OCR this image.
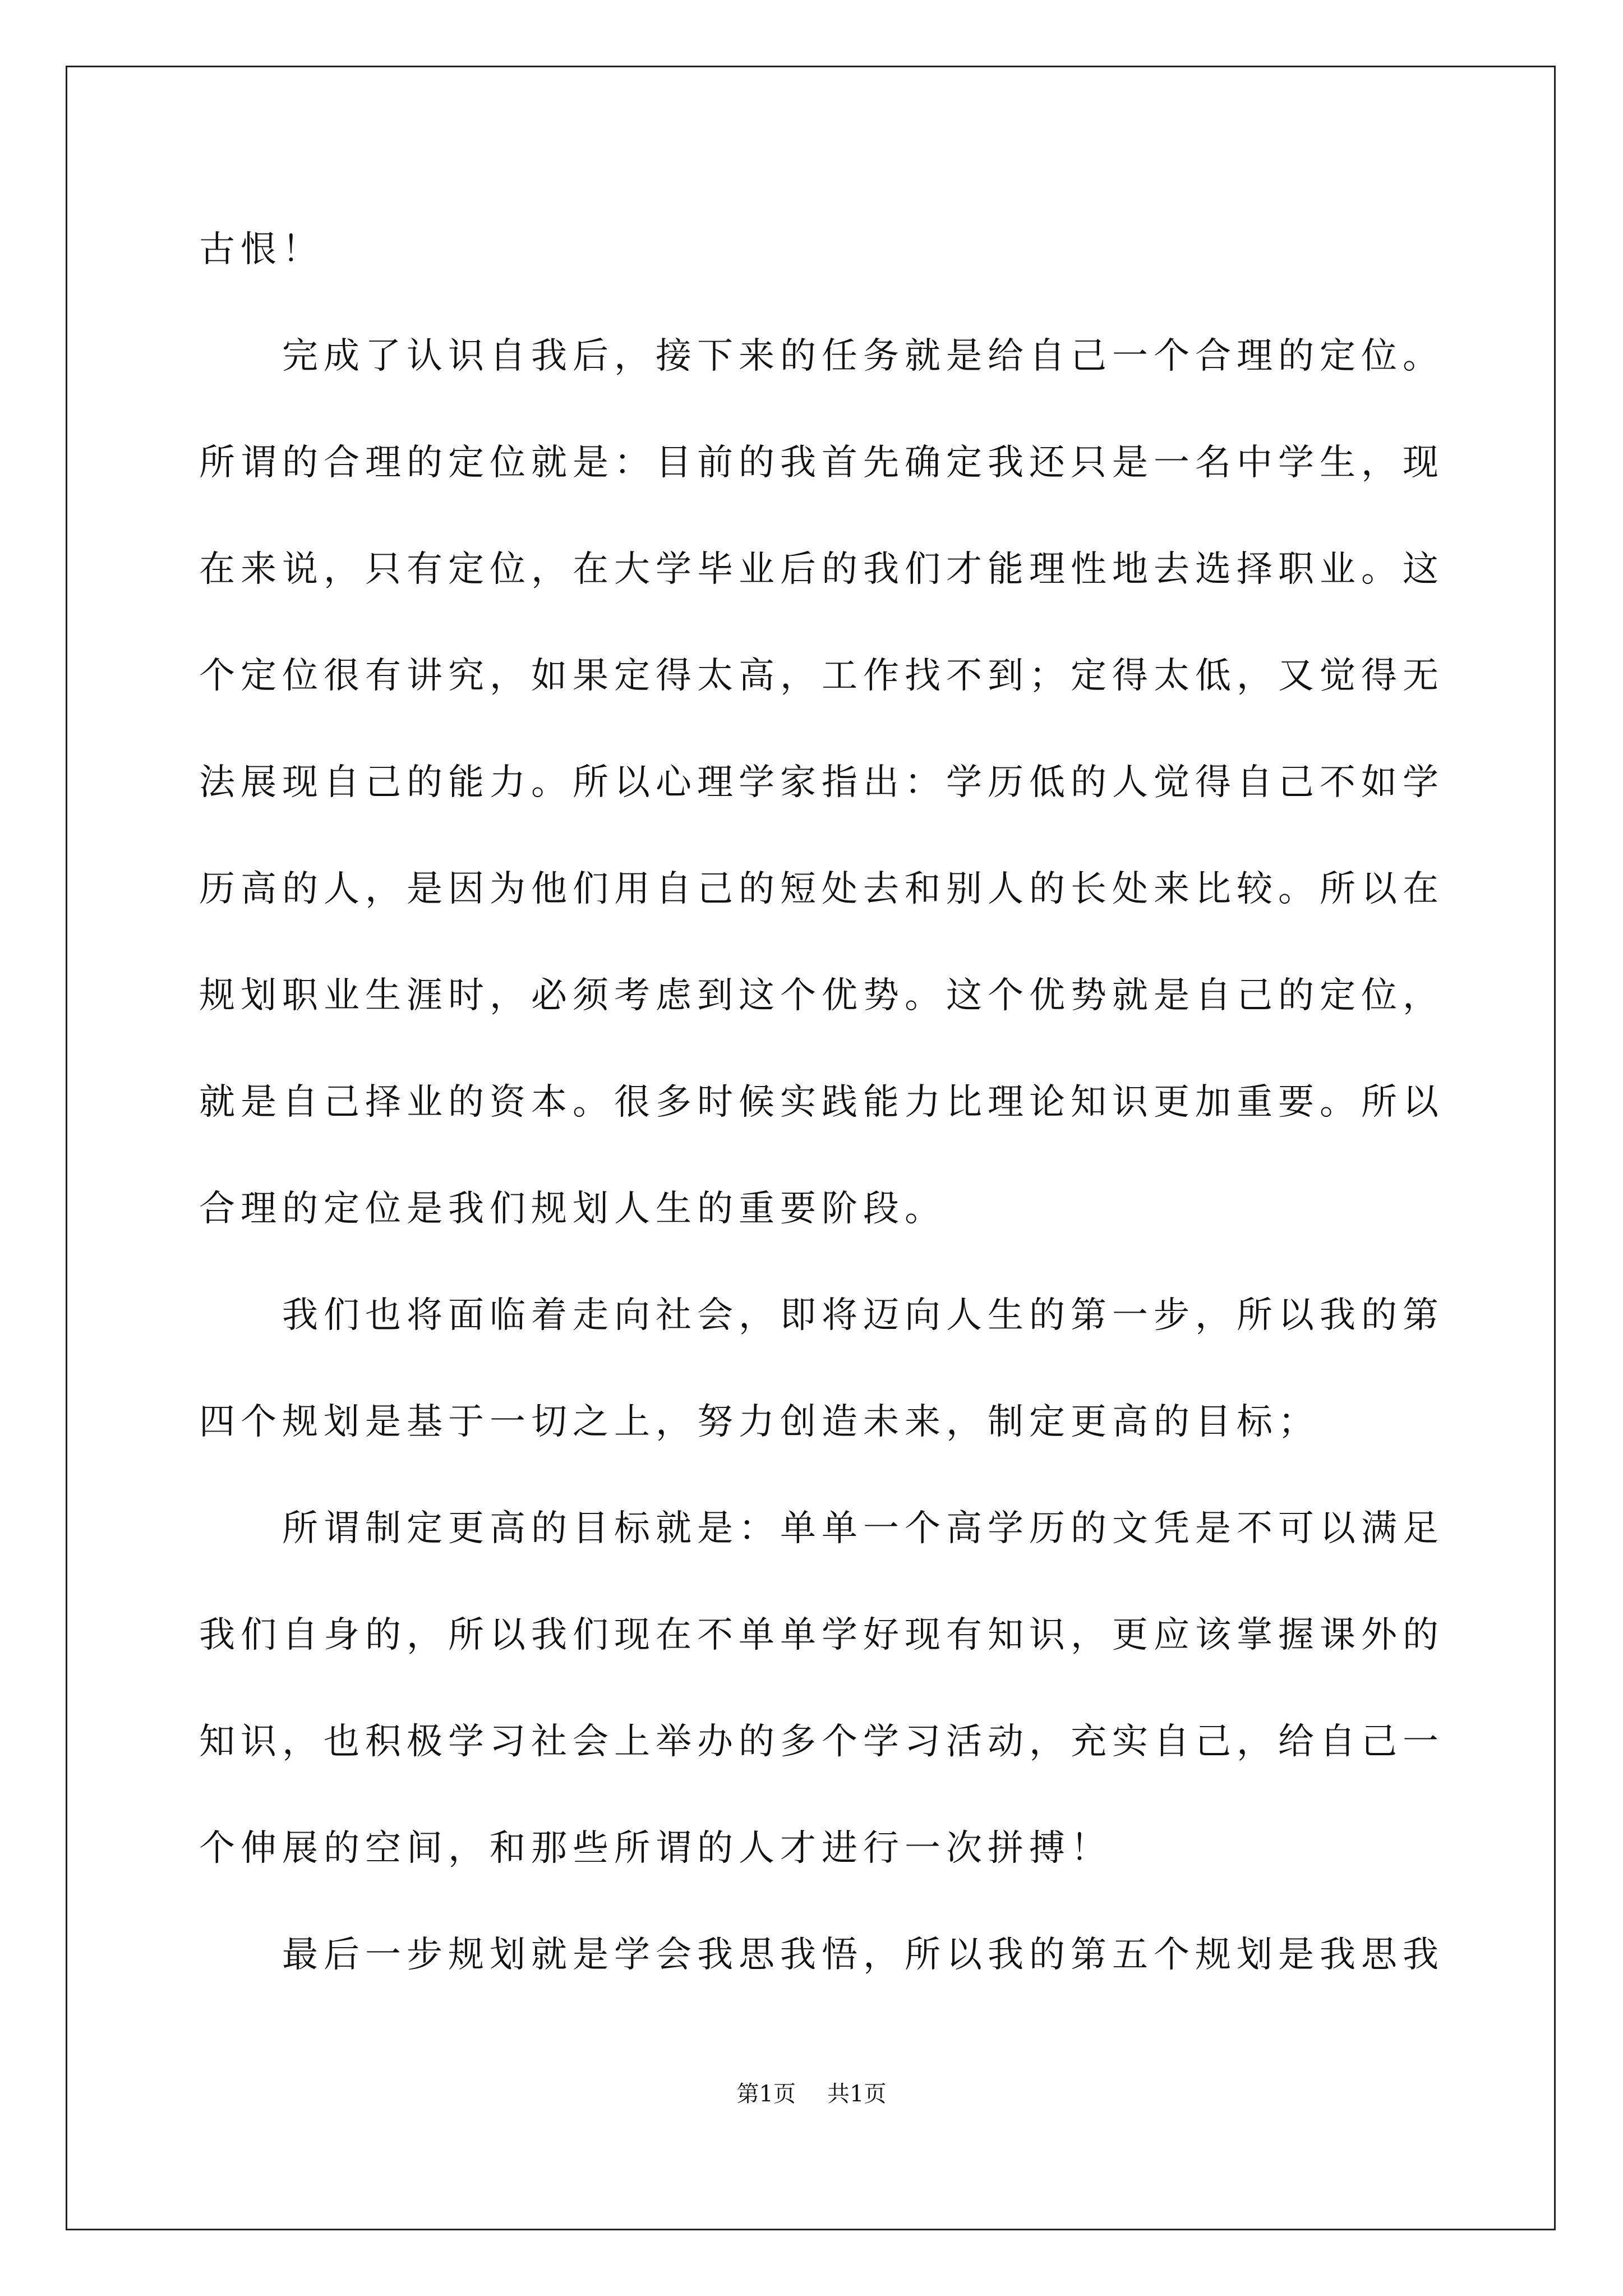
古恨！
完成了认识自我后，接下来的任务就是给自己一个合理的定位。
所谓的合理的定位就是：目前的我首先确定我还只是一名中学生，现
在来说，只有定位，在大学毕业后的我们才能理性地去选择职业。这
个定位很有讲究，如果定得太高，工作找不到；定得太低，又觉得无
法展现自己的能力。所以心理学家指出：学历低的人觉得自己不如学
历高的人，是因为他们用自己的短处去和别人的长处来比较。所以在
规划职业生涯时，必须考虑到这个优势。这个优势就是自己的定位，
就是自己择业的资本。很多时候实践能力比理论知识更加重要。所以
合理的定位是我们规划人生的重要阶段。
我们也将面临着走向社会，即将迈向人生的第一步，所以我的第
四个规划是基于一切之上，努力创造未来，制定更高的目标；
所谓制定更高的目标就是：单单一个高学历的文凭是不可以满足
我们自身的，所以我们现在不单单学好现有知识，更应该掌握课外的
知识，也积极学习社会上举办的多个学习活动，充实自己，给自己一
个伸展的空间，和那些所谓的人才进行一次拼搏！
最后一步规划就是学会我思我悟，所以我的第五个规划是我思我
第1页 共1页
